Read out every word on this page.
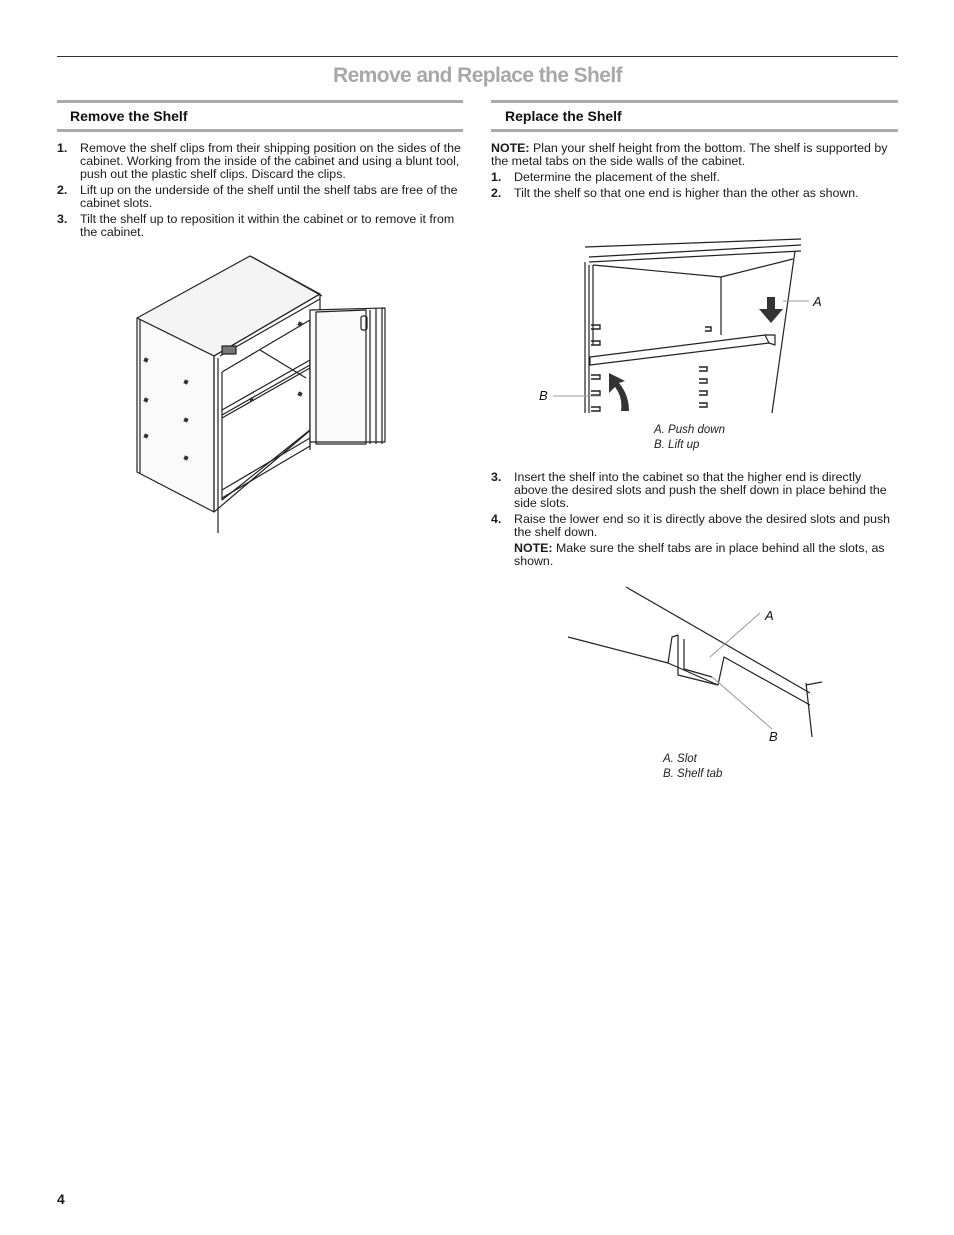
Remove and Replace the Shelf
Remove the Shelf
1. Remove the shelf clips from their shipping position on the sides of the cabinet. Working from the inside of the cabinet and using a blunt tool, push out the plastic shelf clips. Discard the clips.
2. Lift up on the underside of the shelf until the shelf tabs are free of the cabinet slots.
3. Tilt the shelf up to reposition it within the cabinet or to remove it from the cabinet.
Replace the Shelf
NOTE: Plan your shelf height from the bottom. The shelf is supported by the metal tabs on the side walls of the cabinet.
1. Determine the placement of the shelf.
2. Tilt the shelf so that one end is higher than the other as shown.
A
B
A. Push down
B. Lift up
3. Insert the shelf into the cabinet so that the higher end is directly above the desired slots and push the shelf down in place behind the side slots.
4. Raise the lower end so it is directly above the desired slots and push the shelf down.
NOTE: Make sure the shelf tabs are in place behind all the slots, as shown.
A
B
A. Slot
B. Shelf tab
4
